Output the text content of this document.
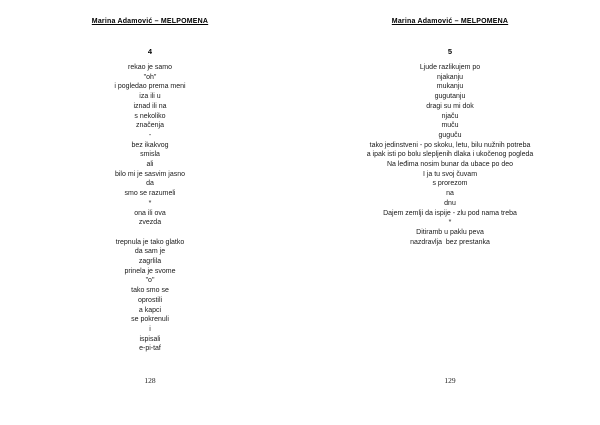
Marina Adamović – MELPOMENA
4
rekao je samo
"oh"
i pogledao prema meni
iza ili u
iznad ili na
s nekoliko
značenja
-
bez ikakvog
smisla
ali
bilo mi je sasvim jasno
da
smo se razumeli
*
ona ili ova
zvezda

trepnula je tako glatko
da sam je
zagrlila
prinela je svome
"o"
tako smo se
oprostili
a kapci
se pokrenuli
i
ispisali
e-pi-taf
128
Marina Adamović – MELPOMENA
5
Ljude razlikujem po
njakanju
mukanju
gugutanju
dragi su mi dok
njaču
muču
guguču
tako jedinstveni - po skoku, letu, bilu nužnih potreba
a ipak isti po bolu slepljenih dlaka i ukočenog pogleda
Na leđima nosim bunar da ubace po deo
I ja tu svoj čuvam
s prorezom
na
dnu
Dajem zemlji da ispije - zlu pod nama treba
*
Ditiramb u paklu peva
nazdravlja  bez prestanka
129
